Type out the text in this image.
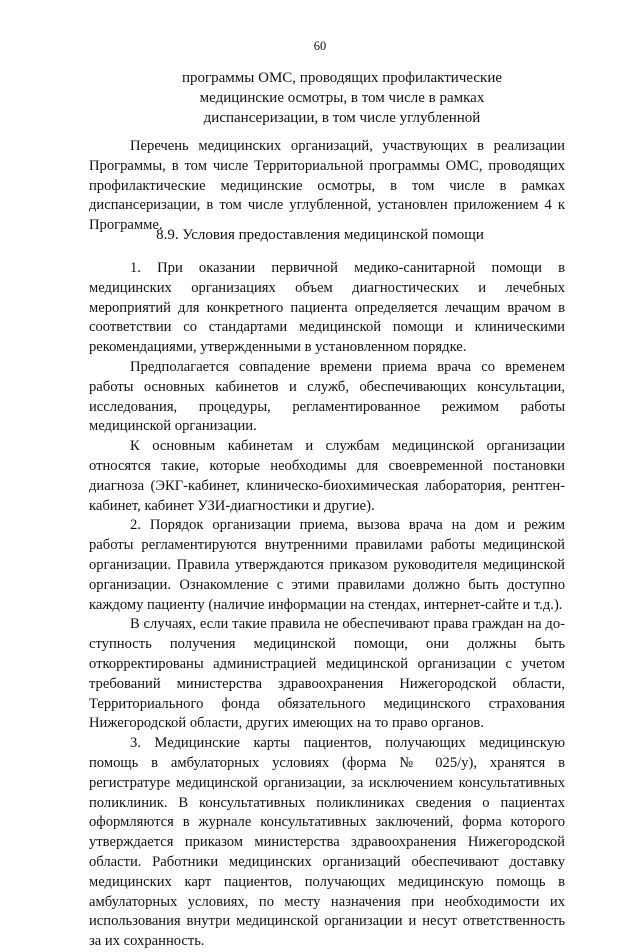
60
программы ОМС, проводящих профилактические
медицинские осмотры, в том числе в рамках
диспансеризации, в том числе углубленной

Перечень медицинских организаций, участвующих в реализации Программы, в том числе Территориальной программы ОМС, проводящих профилактические медицинские осмотры, в том числе в рамках диспансеризации, в том числе углубленной, установлен приложением 4 к Программе.

8.9. Условия предоставления медицинской помощи

1. При оказании первичной медико-санитарной помощи в медицинских организациях объем диагностических и лечебных мероприятий для конкретного пациента определяется лечащим врачом в соответствии со стандартами медицинской помощи и клиническими рекомендациями, утвержденными в установленном порядке.

Предполагается совпадение времени приема врача со временем работы основных кабинетов и служб, обеспечивающих консультации, исследования, процедуры, регламентированное режимом работы медицинской организации.

К основным кабинетам и службам медицинской организации относятся такие, которые необходимы для своевременной постановки диагноза (ЭКГ-кабинет, клиническо-биохимическая лаборатория, рентген-кабинет, кабинет УЗИ-диагностики и другие).

2. Порядок организации приема, вызова врача на дом и режим работы регламентируются внутренними правилами работы медицинской организации. Правила утверждаются приказом руководителя медицинской организации. Ознакомление с этими правилами должно быть доступно каждому пациенту (наличие информации на стендах, интернет-сайте и т.д.).

В случаях, если такие правила не обеспечивают права граждан на доступность получения медицинской помощи, они должны быть откорректированы администрацией медицинской организации с учетом требований министерства здравоохранения Нижегородской области, Территориального фонда обязательного медицинского страхования Нижегородской области, других имеющих на то право органов.

3. Медицинские карты пациентов, получающих медицинскую помощь в амбулаторных условиях (форма № 025/у), хранятся в регистратуре медицинской организации, за исключением консультативных поликлиник. В консультативных поликлиниках сведения о пациентах оформляются в журнале консультативных заключений, форма которого утверждается приказом министерства здравоохранения Нижегородской области. Работники медицинских организаций обеспечивают доставку медицинских карт пациентов, получающих медицинскую помощь в амбулаторных условиях, по месту назначения при необходимости их использования внутри медицинской организации и несут ответственность за их сохранность.
